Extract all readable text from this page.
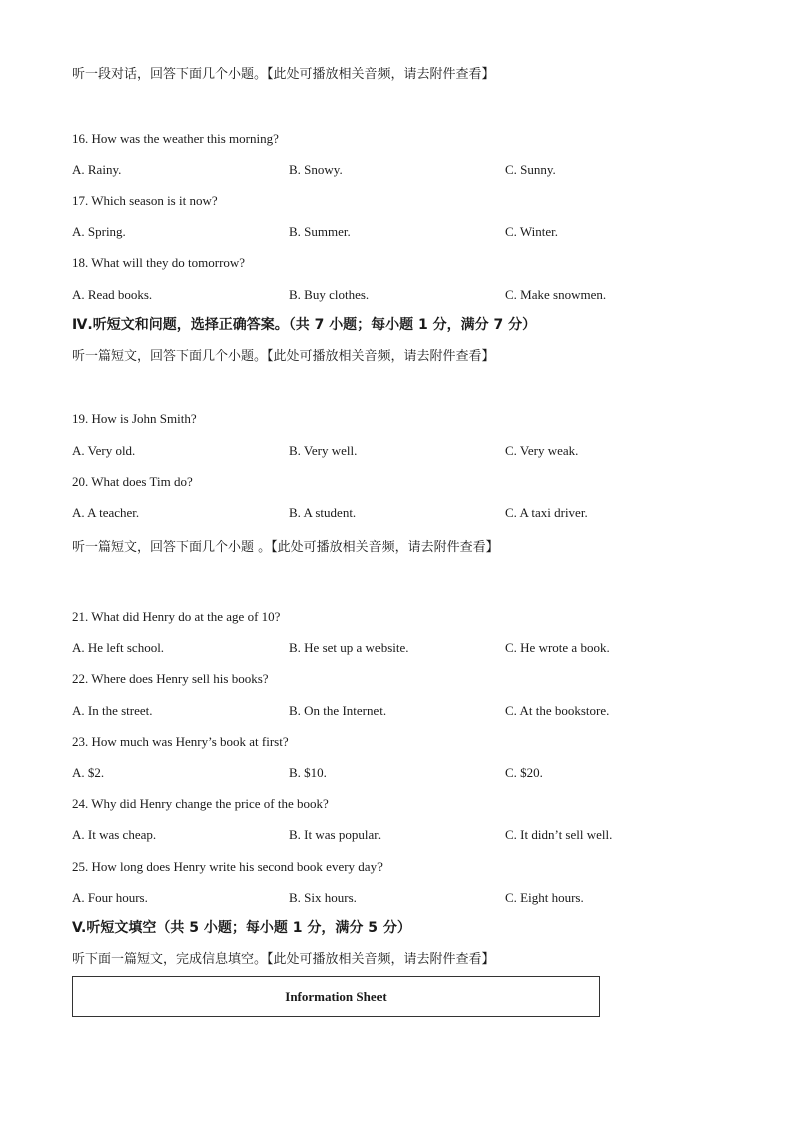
听一段对话，回答下面几个小题。【此处可播放相关音频，请去附件查看】
16. How was the weather this morning?
A. Rainy.	B. Snowy.	C. Sunny.
17. Which season is it now?
A. Spring.	B. Summer.	C. Winter.
18. What will they do tomorrow?
A. Read books.	B. Buy clothes.	C. Make snowmen.
Ⅳ.听短文和问题，选择正确答案。（共 7 小题；每小题 1 分，满分 7 分）
听一篇短文，回答下面几个小题。【此处可播放相关音频，请去附件查看】
19. How is John Smith?
A. Very old.	B. Very well.	C. Very weak.
20. What does Tim do?
A. A teacher.	B. A student.	C. A taxi driver.
听一篇短文，回答下面几个小题 。【此处可播放相关音频，请去附件查看】
21. What did Henry do at the age of 10?
A. He left school.	B. He set up a website.	C. He wrote a book.
22. Where does Henry sell his books?
A. In the street.	B. On the Internet.	C. At the bookstore.
23. How much was Henry’s book at first?
A. $2.	B. $10.	C. $20.
24. Why did Henry change the price of the book?
A. It was cheap.	B. It was popular.	C. It didn’t sell well.
25. How long does Henry write his second book every day?
A. Four hours.	B. Six hours.	C. Eight hours.
V.听短文填空（共 5 小题；每小题 1 分，满分 5 分）
听下面一篇短文，完成信息填空。【此处可播放相关音频，请去附件查看】
Information Sheet
